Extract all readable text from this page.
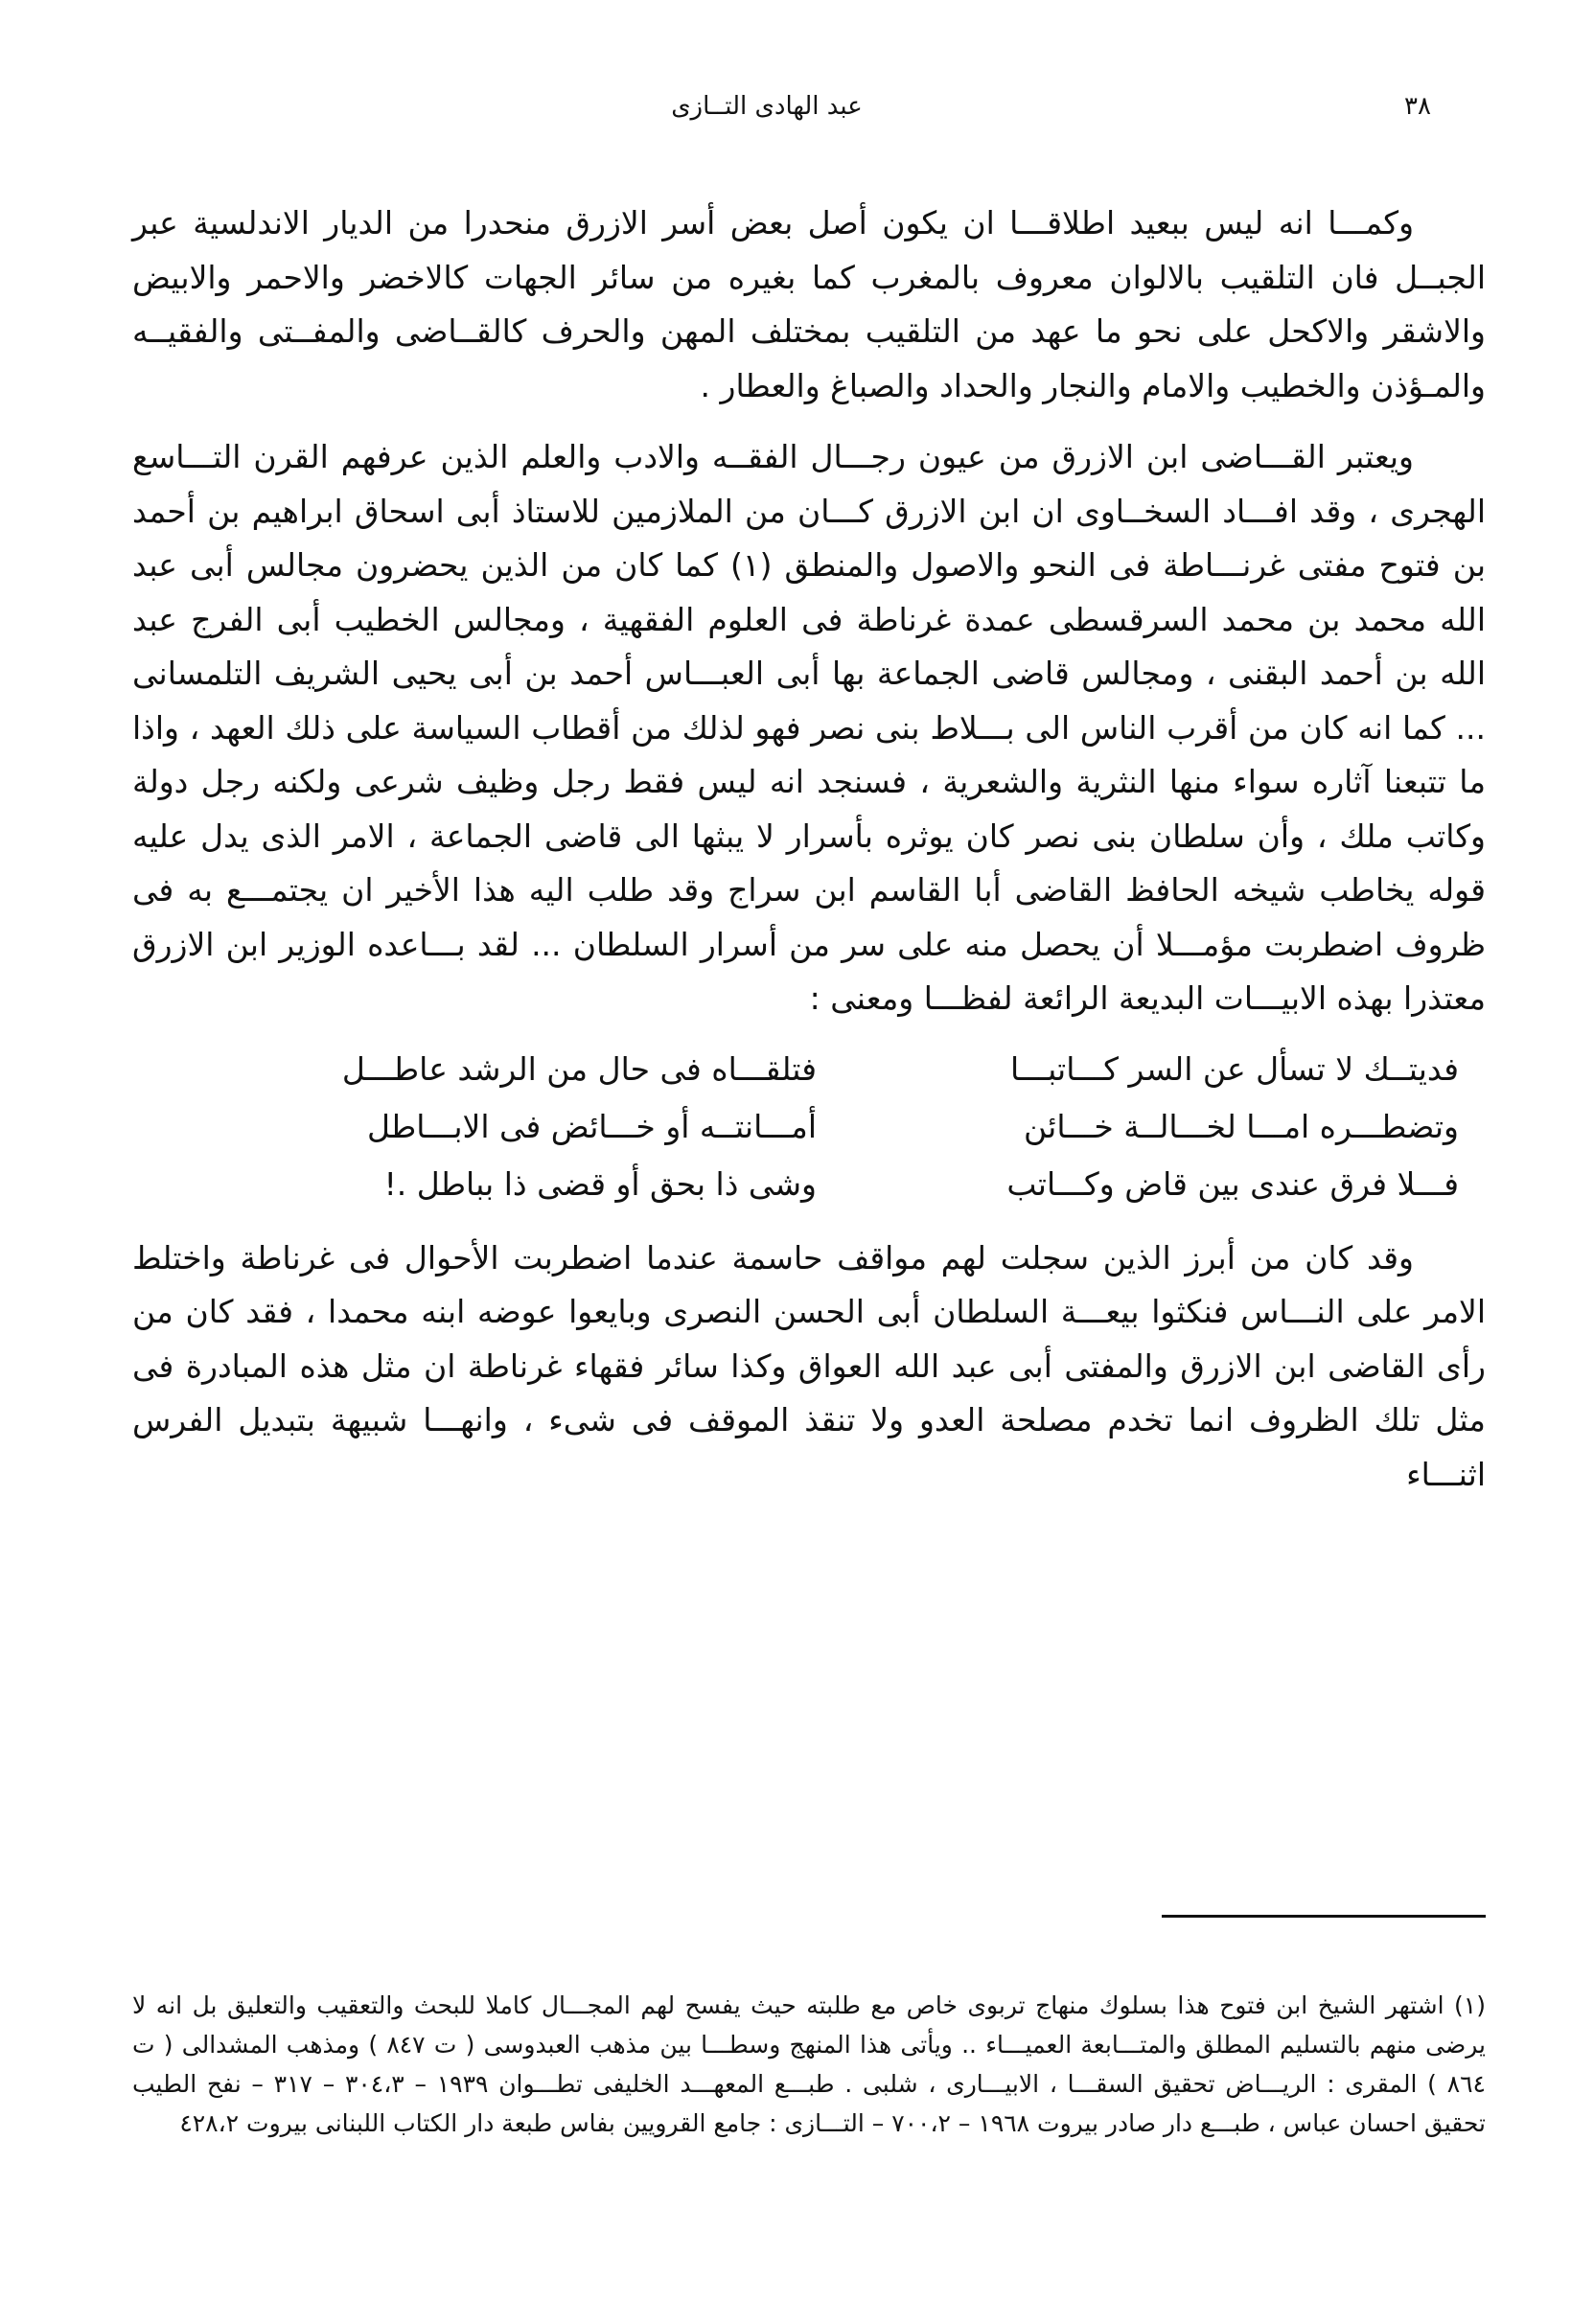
٣٨
عبد الهادى التــازى

وكمـــا انه ليس ببعيد اطلاقـــا ان يكون أصل بعض أسر الازرق منحدرا من الديار الاندلسية عبر الجبــل فان التلقيب بالالوان معروف بالمغرب كما بغيره من سائر الجهات كالاخضر والاحمر والابيض والاشقر والاكحل على نحو ما عهد من التلقيب بمختلف المهن والحرف كالقــاضى والمفــتى والفقيــه والمـؤذن والخطيب والامام والنجار والحداد والصباغ والعطار .

ويعتبر القـــاضى ابن الازرق من عيون رجـــال الفقــه والادب والعلم الذين عرفهم القرن التـــاسع الهجرى ، وقد افـــاد السخــاوى ان ابن الازرق كـــان من الملازمين للاستاذ أبى اسحاق ابراهيم بن أحمد بن فتوح مفتى غرنـــاطة فى النحو والاصول والمنطق (١) كما كان من الذين يحضرون مجالس أبى عبد الله محمد بن محمد السرقسطى عمدة غرناطة فى العلوم الفقهية ، ومجالس الخطيب أبى الفرج عبد الله بن أحمد البقنى ، ومجالس قاضى الجماعة بها أبى العبـــاس أحمد بن أبى يحيى الشريف التلمسانى ... كما انه كان من أقرب الناس الى بـــلاط بنى نصر فهو لذلك من أقطاب السياسة على ذلك العهد ، واذا ما تتبعنا آثاره سواء منها النثرية والشعرية ، فسنجد انه ليس فقط رجل وظيف شرعى ولكنه رجل دولة وكاتب ملك ، وأن سلطان بنى نصر كان يوثره بأسرار لا يبثها الى قاضى الجماعة ، الامر الذى يدل عليه قوله يخاطب شيخه الحافظ القاضى أبا القاسم ابن سراج وقد طلب اليه هذا الأخير ان يجتمـــع به فى ظروف اضطربت مؤمـــلا أن يحصل منه على سر من أسرار السلطان ... لقد بـــاعده الوزير ابن الازرق معتذرا بهذه الابيـــات البديعة الرائعة لفظـــا ومعنى :

فديتــك لا تسأل عن السر كـــاتبـــا
فتلقـــاه فى حال من الرشد عاطـــل
وتضطـــره امـــا لخـــالــة خـــائن
أمـــانتــه أو خـــائض فى الابـــاطل
فـــلا فرق عندى بين قاض وكـــاتب
وشى ذا بحق أو قضى ذا بباطل .!

وقد كان من أبرز الذين سجلت لهم مواقف حاسمة عندما اضطربت الأحوال فى غرناطة واختلط الامر على النـــاس فنكثوا بيعـــة السلطان أبى الحسن النصرى وبايعوا عوضه ابنه محمدا ، فقد كان من رأى القاضى ابن الازرق والمفتى أبى عبد الله العواق وكذا سائر فقهاء غرناطة ان مثل هذه المبادرة فى مثل تلك الظروف انما تخدم مصلحة العدو ولا تنقذ الموقف فى شىء ، وانهـــا شبيهة بتبديل الفرس اثنـــاء

(١) اشتهر الشيخ ابن فتوح هذا بسلوك منهاج تربوى خاص مع طلبته حيث يفسح لهم المجـــال كاملا للبحث والتعقيب والتعليق بل انه لا يرضى منهم بالتسليم المطلق والمتـــابعة العميـــاء .. ويأتى هذا المنهج وسطـــا بين مذهب العبدوسى ( ت ٨٤٧ ) ومذهب المشدالى ( ت ٨٦٤ ) المقرى : الريـــاض تحقيق السقـــا ، الابيـــارى ، شلبى . طبـــع المعهـــد الخليفى تطـــوان ١٩٣٩ – ٣٠٤،٣ – ٣١٧ – نفح الطيب تحقيق احسان عباس ، طبـــع دار صادر بيروت ١٩٦٨ – ٧٠٠،٢ – التـــازى : جامع القرويين بفاس طبعة دار الكتاب اللبنانى بيروت ٤٢٨،٢
